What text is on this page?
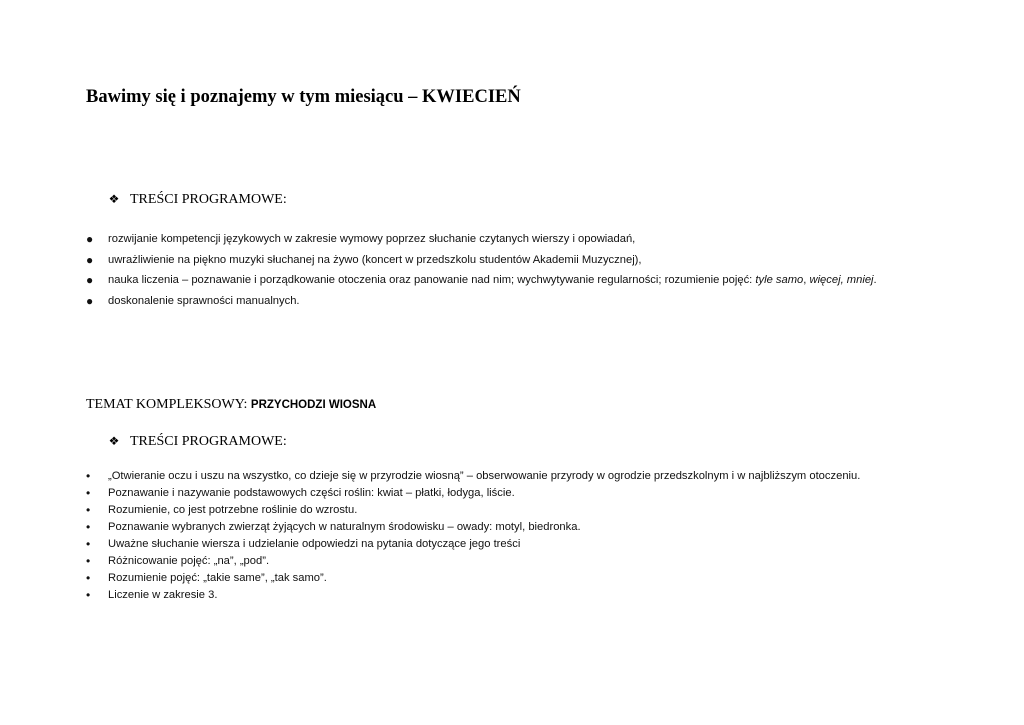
Bawimy się i poznajemy w tym miesiącu – KWIECIEŃ
❖ TREŚCI PROGRAMOWE:
● rozwijanie kompetencji językowych w zakresie wymowy poprzez słuchanie czytanych wierszy i opowiadań,
● uwrażliwienie na piękno muzyki słuchanej na żywo (koncert w przedszkolu studentów Akademii Muzycznej),
● nauka liczenia – poznawanie i porządkowanie otoczenia oraz panowanie nad nim; wychwytywanie regularności; rozumienie pojęć: tyle samo, więcej, mniej.
● doskonalenie sprawności manualnych.
TEMAT KOMPLEKSOWY: PRZYCHODZI WIOSNA
❖ TREŚCI PROGRAMOWE:
• „Otwieranie oczu i uszu na wszystko, co dzieje się w przyrodzie wiosną” – obserwowanie przyrody w ogrodzie przedszkolnym i w najbliższym otoczeniu.
• Poznawanie i nazywanie podstawowych części roślin: kwiat – płatki, łodyga, liście.
• Rozumienie, co jest potrzebne roślinie do wzrostu.
• Poznawanie wybranych zwierząt żyjących w naturalnym środowisku – owady: motyl, biedronka.
• Uważne słuchanie wiersza i udzielanie odpowiedzi na pytania dotyczące jego treści
• Różnicowanie pojęć: „na”, „pod”.
• Rozumienie pojęć: „takie same”, „tak samo”.
• Liczenie w zakresie 3.
